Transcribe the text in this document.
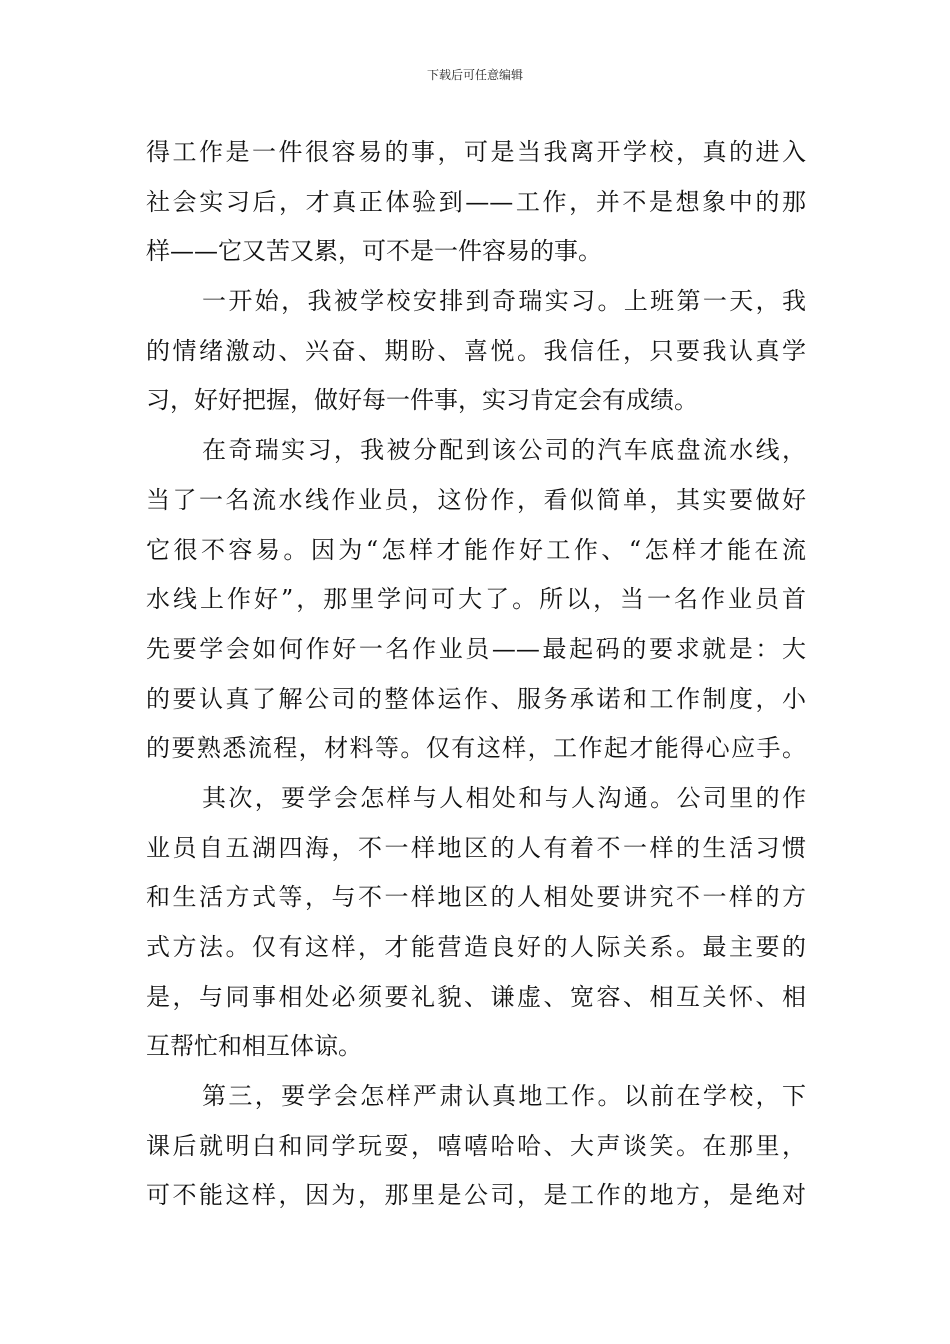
下载后可任意编辑
得工作是一件很容易的事，可是当我离开学校，真的进入
社会实习后，才真正体验到——工作，并不是想象中的那
样——它又苦又累，可不是一件容易的事。
一开始，我被学校安排到奇瑞实习。上班第一天，我
的情绪激动、兴奋、期盼、喜悦。我信任，只要我认真学
习，好好把握，做好每一件事，实习肯定会有成绩。
在奇瑞实习，我被分配到该公司的汽车底盘流水线，
当了一名流水线作业员，这份作，看似简单，其实要做好
它很不容易。因为“怎样才能作好工作、“怎样才能在流
水线上作好”，那里学问可大了。所以，当一名作业员首
先要学会如何作好一名作业员——最起码的要求就是：大
的要认真了解公司的整体运作、服务承诺和工作制度，小
的要熟悉流程，材料等。仅有这样，工作起才能得心应手。
其次，要学会怎样与人相处和与人沟通。公司里的作
业员自五湖四海，不一样地区的人有着不一样的生活习惯
和生活方式等，与不一样地区的人相处要讲究不一样的方
式方法。仅有这样，才能营造良好的人际关系。最主要的
是，与同事相处必须要礼貌、谦虚、宽容、相互关怀、相
互帮忙和相互体谅。
第三，要学会怎样严肃认真地工作。以前在学校，下
课后就明白和同学玩耍，嘻嘻哈哈、大声谈笑。在那里，
可不能这样，因为，那里是公司，是工作的地方，是绝对
